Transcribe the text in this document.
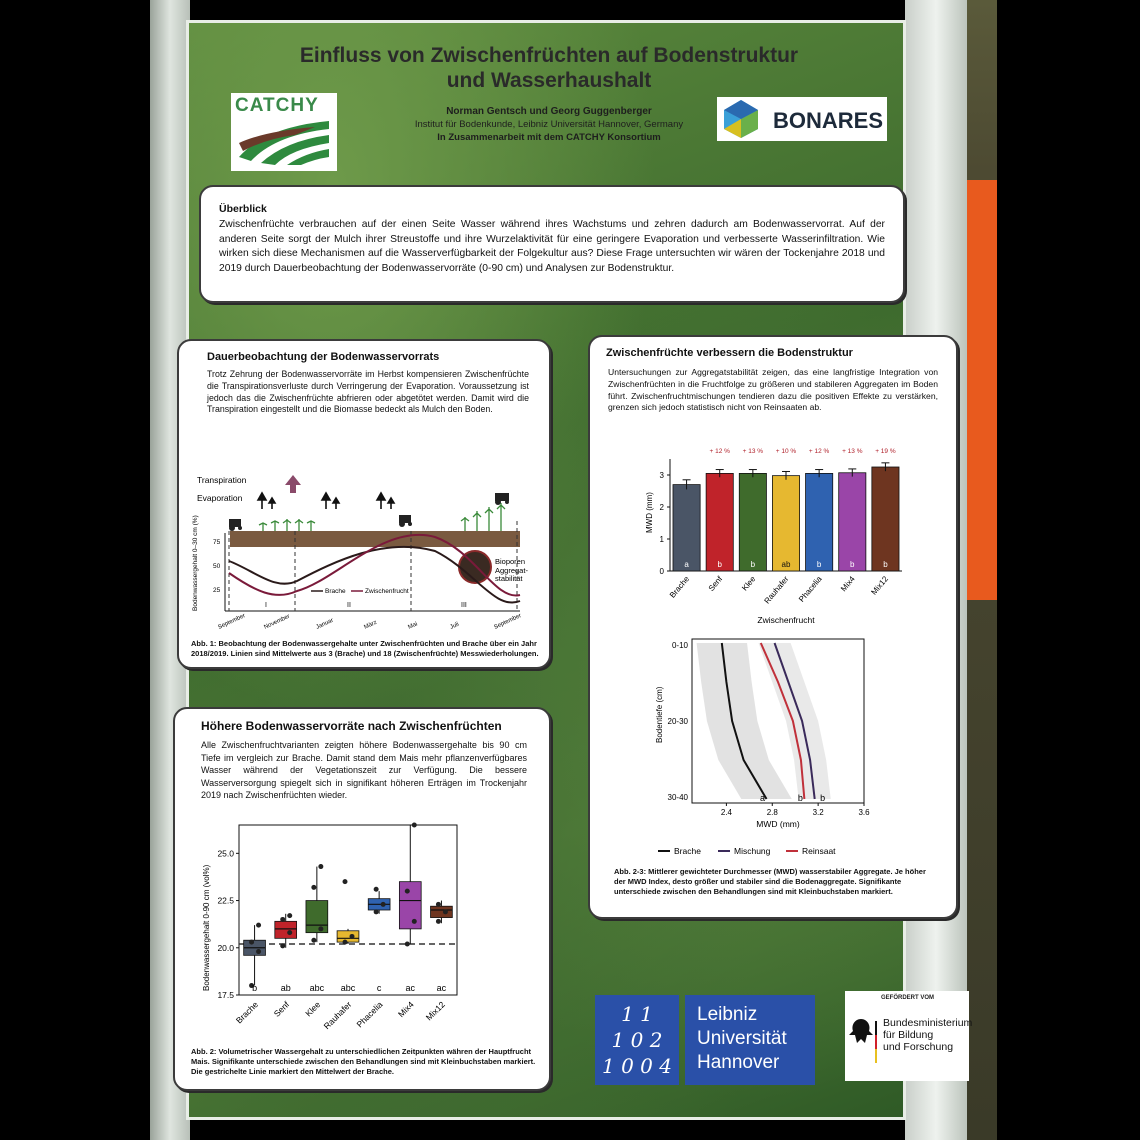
Einfluss von Zwischenfrüchten auf Bodenstruktur
und Wasserhaushalt
Norman Gentsch und Georg Guggenberger
Institut für Bodenkunde, Leibniz Universität Hannover, Germany
In Zusammenarbeit mit dem CATCHY Konsortium
CATCHY
BONARES
Überblick
Zwischenfrüchte verbrauchen auf der einen Seite Wasser während ihres Wachstums und zehren dadurch am Bodenwasservorrat. Auf der anderen Seite sorgt der Mulch ihrer Streustoffe und ihre Wurzelaktivität für eine geringere Evaporation und verbesserte Wasserinfiltration. Wie wirken sich diese Mechanismen auf die Wasserverfügbarkeit der Folgekultur aus? Diese Frage untersuchten wir wären der Tockenjahre 2018 und 2019 durch Dauerbeobachtung der Bodenwasservorräte (0-90 cm) und Analysen zur Bodenstruktur.
Dauerbeobachtung der Bodenwasservorrats
Trotz Zehrung der Bodenwasservorräte im Herbst kompensieren Zwischenfrüchte die Transpirationsverluste durch Verringerung der Evaporation. Voraussetzung ist jedoch das die Zwischenfrüchte abfrieren oder abgetötet werden. Damit wird die Transpiration eingestellt und die Biomasse bedeckt als Mulch den Boden.
Transpiration
Evaporation
Bioporen
Aggregat-
stabilität
Bodenwassergehalt 0–30 cm (%) 75
50
25
I	II	III
Brache	Zwischenfrucht
September	November	Januar	März	Mai	Juli	September
Abb. 1: Beobachtung der Bodenwassergehalte unter Zwischenfrüchten und Brache über ein Jahr 2018/2019. Linien sind Mittelwerte aus 3 (Brache) und 18 (Zwischenfrüchte) Messwiederholungen.
Zwischenfrüchte verbessern die Bodenstruktur
Untersuchungen zur Aggregatstabilität zeigen, das eine langfristige Integration von Zwischenfrüchten in die Fruchtfolge zu größeren und stabileren Aggregaten im Boden führt. Zwischenfruchtmischungen tendieren dazu die positiven Effekte zu verstärken, grenzen sich jedoch statistisch nicht von Reinsaaten ab.
0
1
2
3
MWD (mm)
a
Brache
b
Senf
+ 12 %
b
Klee
+ 13 %
ab
Rauhafer
+ 10 %
b
Phacelia
+ 12 %
b
Mix4
+ 13 %
b
Mix12
+ 19 %
Zwischenfrucht
0-10
20-30
30-40
Bodentiefe (cm)
2.4	2.8	3.2	3.6
MWD (mm)
a	b
b
Brache	Mischung	Reinsaat
Abb. 2-3: Mittlerer gewichteter Durchmesser (MWD) wasserstabiler Aggregate. Je höher der MWD Index, desto größer und stabiler sind die Bodenaggregate. Signifikante unterschiede zwischen den Behandlungen sind mit Kleinbuchstaben markiert.
Höhere Bodenwasservorräte nach Zwischenfrüchten
Alle Zwischenfruchtvarianten zeigten höhere Bodenwassergehalte bis 90 cm Tiefe im vergleich zur Brache. Damit stand dem Mais mehr pflanzenverfügbares Wasser während der Vegetationszeit zur Verfügung. Die bessere Wasserversorgung spiegelt sich in signifikant höheren Erträgen im Trockenjahr 2019 nach Zwischenfrüchten wieder.
17.5
20.0
22.5
25.0
Bodenwassergehalt 0-90 cm (vol%)	b
Brache
ab
Senf
abc
Klee
abc
Rauhafer
c
Phacelia
ac
Mix4
ac
Mix12
Abb. 2: Volumetrischer Wassergehalt zu unterschiedlichen Zeitpunkten währen der Hauptfrucht Mais. Signifikante unterschiede zwischen den Behandlungen sind mit Kleinbuchstaben markiert. Die gestrichelte Linie markiert den Mittelwert der Brache.
1 1
1 0 2
1 0 0 4
Leibniz
Universität
Hannover
GEFÖRDERT VOM
Bundesministerium
für Bildung
und Forschung
